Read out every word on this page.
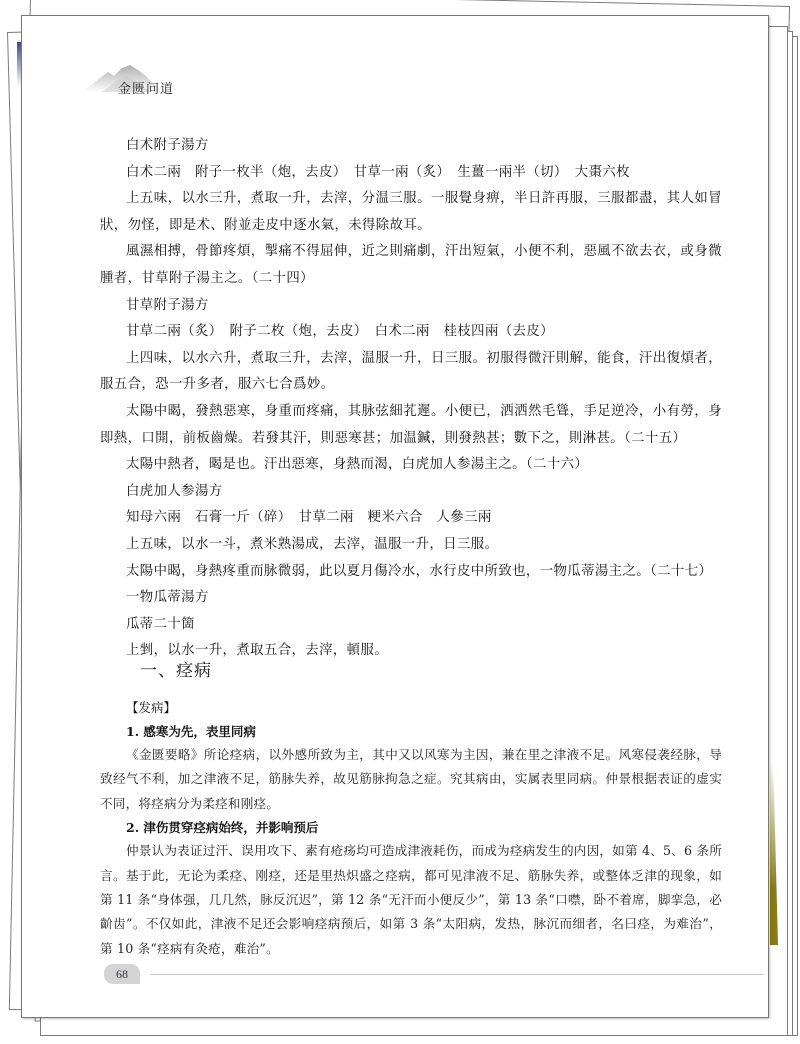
金匮问道

白术附子湯方

白术二兩　附子一枚半（炮，去皮）　甘草一兩（炙）　生薑一兩半（切）　大棗六枚

上五味，以水三升，煮取一升，去滓，分温三服。一服覺身痹，半日許再服，三服都盡，其人如冒狀，勿怪，即是术、附並走皮中逐水氣，未得除故耳。

風濕相搏，骨節疼煩，掣痛不得屈伸，近之則痛劇，汗出短氣，小便不利，惡風不欲去衣，或身微腫者，甘草附子湯主之。（二十四）

甘草附子湯方

甘草二兩（炙）　附子二枚（炮，去皮）　白术二兩　桂枝四兩（去皮）

上四味，以水六升，煮取三升，去滓，温服一升，日三服。初服得微汗則解，能食，汗出復煩者，服五合，恐一升多者，服六七合爲妙。

太陽中暍，發熱惡寒，身重而疼痛，其脉弦細芤遲。小便已，洒洒然毛聳，手足逆冷，小有勞，身即熱，口開，前板齒燥。若發其汗，則惡寒甚；加温鍼，則發熱甚；數下之，則淋甚。（二十五）

太陽中熱者，暍是也。汗出惡寒，身熱而渴，白虎加人参湯主之。（二十六）

白虎加人参湯方

知母六兩　石膏一斤（碎）　甘草二兩　粳米六合　人參三兩

上五味，以水一斗，煮米熟湯成，去滓，温服一升，日三服。

太陽中暍，身熱疼重而脉微弱，此以夏月傷冷水，水行皮中所致也，一物瓜蒂湯主之。（二十七）

一物瓜蒂湯方

瓜蒂二十箇

上剉，以水一升，煮取五合，去滓，頓服。

一、痉病
【发病】
1. 感寒为先，表里同病

《金匮要略》所论痉病，以外感所致为主，其中又以风寒为主因，兼在里之津液不足。风寒侵袭经脉，导致经气不利，加之津液不足，筋脉失养，故见筋脉拘急之症。究其病由，实属表里同病。仲景根据表证的虚实不同，将痉病分为柔痉和刚痉。

2. 津伤贯穿痉病始终，并影响预后

仲景认为表证过汗、误用攻下、素有疮疡均可造成津液耗伤，而成为痉病发生的内因，如第 4、5、6 条所言。基于此，无论为柔痉、刚痉，还是里热炽盛之痉病，都可见津液不足、筋脉失养，或整体乏津的现象，如第 11 条“身体强，几几然，脉反沉迟”，第 12 条“无汗而小便反少”，第 13 条“口噤，卧不着席，脚挛急，必齘齿”。不仅如此，津液不足还会影响痉病预后，如第 3 条“太阳病，发热，脉沉而细者，名曰痉，为难治”，第 10 条“痉病有灸疮，难治”。

68
